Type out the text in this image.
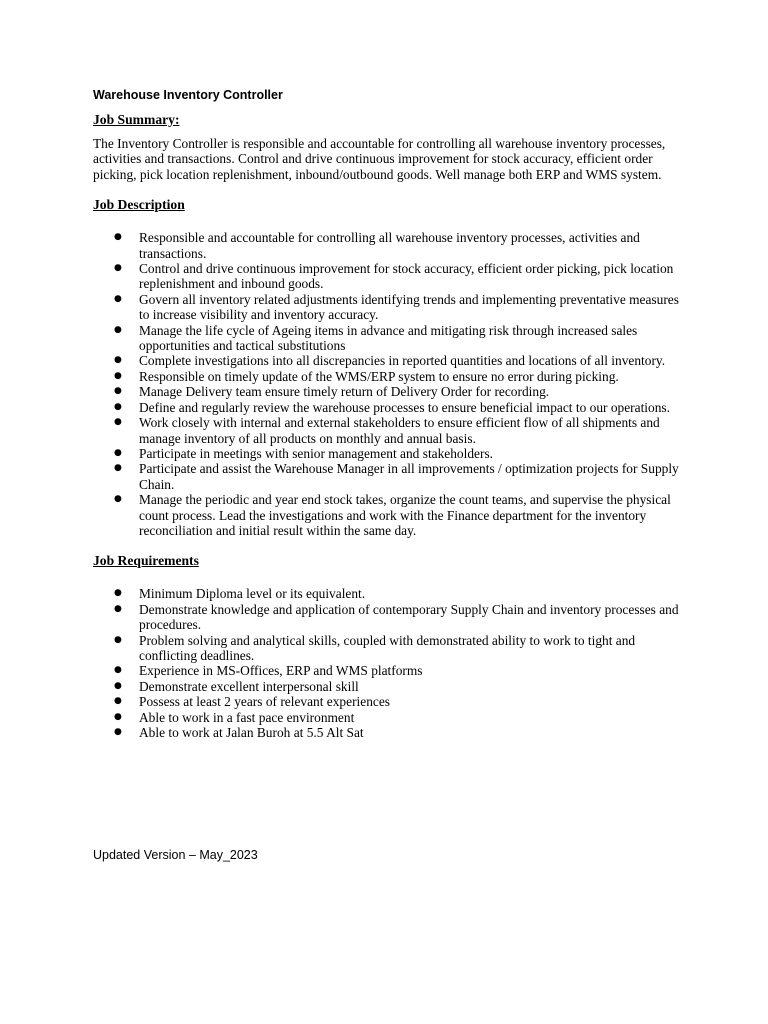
Warehouse Inventory Controller
Job Summary:
The Inventory Controller is responsible and accountable for controlling all warehouse inventory processes, activities and transactions. Control and drive continuous improvement for stock accuracy, efficient order picking, pick location replenishment, inbound/outbound goods. Well manage both ERP and WMS system.
Job Description
● Responsible and accountable for controlling all warehouse inventory processes, activities and transactions.
● Control and drive continuous improvement for stock accuracy, efficient order picking, pick location replenishment and inbound goods.
● Govern all inventory related adjustments identifying trends and implementing preventative measures to increase visibility and inventory accuracy.
● Manage the life cycle of Ageing items in advance and mitigating risk through increased sales opportunities and tactical substitutions
● Complete investigations into all discrepancies in reported quantities and locations of all inventory.
● Responsible on timely update of the WMS/ERP system to ensure no error during picking.
● Manage Delivery team ensure timely return of Delivery Order for recording.
● Define and regularly review the warehouse processes to ensure beneficial impact to our operations.
● Work closely with internal and external stakeholders to ensure efficient flow of all shipments and manage inventory of all products on monthly and annual basis.
● Participate in meetings with senior management and stakeholders.
● Participate and assist the Warehouse Manager in all improvements / optimization projects for Supply Chain.
● Manage the periodic and year end stock takes, organize the count teams, and supervise the physical count process. Lead the investigations and work with the Finance department for the inventory reconciliation and initial result within the same day.
Job Requirements
● Minimum Diploma level or its equivalent.
● Demonstrate knowledge and application of contemporary Supply Chain and inventory processes and procedures.
● Problem solving and analytical skills, coupled with demonstrated ability to work to tight and conflicting deadlines.
● Experience in MS-Offices, ERP and WMS platforms
● Demonstrate excellent interpersonal skill
● Possess at least 2 years of relevant experiences
● Able to work in a fast pace environment
● Able to work at Jalan Buroh at 5.5 Alt Sat
Updated Version – May_2023
